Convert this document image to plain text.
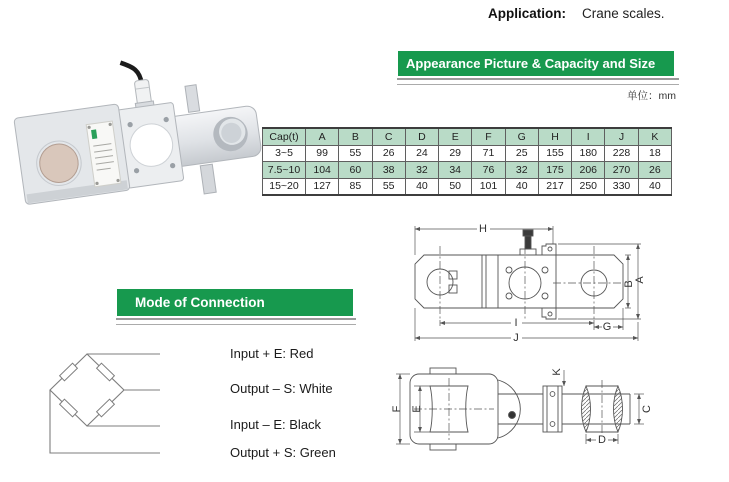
Application: Crane scales.
Appearance Picture & Capacity and Size
单位：mm
Cap(t)	A	B	C	D	E	F	G	H	I	J	K
3~5	99	55	26	24	29	71	25	155	180	228	18
7.5~10	104	60	38	32	34	76	32	175	206	270	26
15~20	127	85	55	40	50	101	40	217	250	330	40
Mode of Connection
Input + E: Red
Output – S: White
Input – E: Black
Output + S: Green
H
A
B
I	G
J
F E
K
C
D
